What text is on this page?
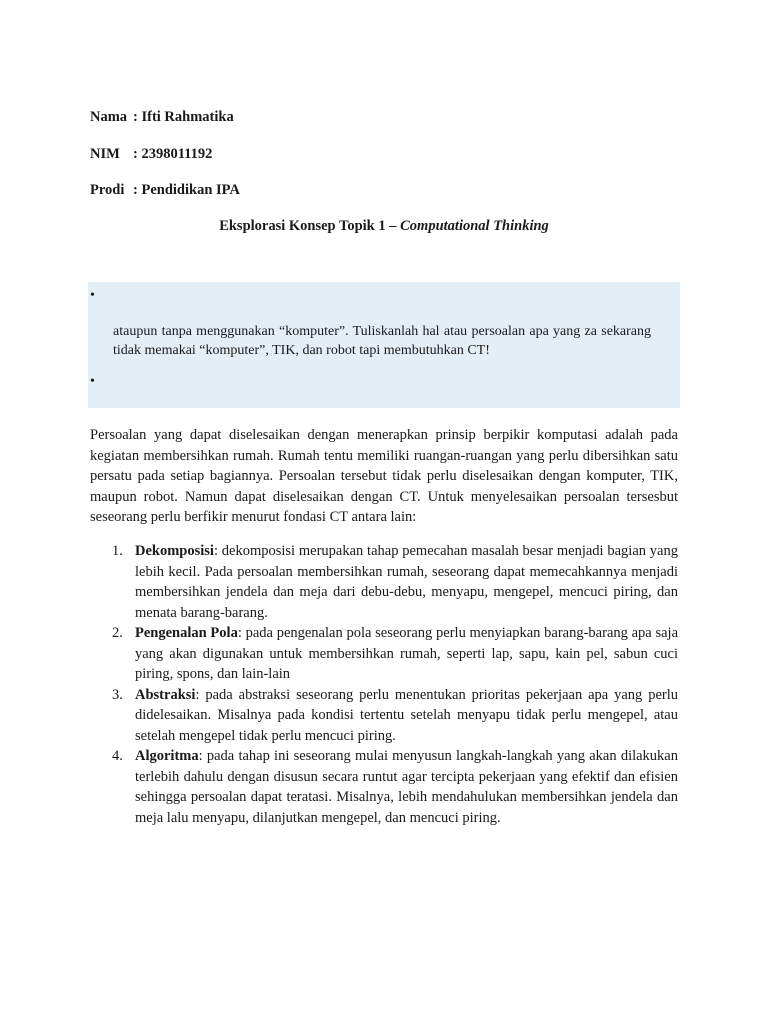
Nama : Ifti Rahmatika
NIM : 2398011192
Prodi : Pendidikan IPA
Eksplorasi Konsep Topik 1 – Computational Thinking
•
ataupun tanpa menggunakan “komputer”. Tuliskanlah hal atau persoalan apa yang za sekarang tidak memakai “komputer”, TIK, dan robot tapi membutuhkan CT!
•
Persoalan yang dapat diselesaikan dengan menerapkan prinsip berpikir komputasi adalah pada kegiatan membersihkan rumah. Rumah tentu memiliki ruangan-ruangan yang perlu dibersihkan satu persatu pada setiap bagiannya. Persoalan tersebut tidak perlu diselesaikan dengan komputer, TIK, maupun robot. Namun dapat diselesaikan dengan CT. Untuk menyelesaikan persoalan tersesbut seseorang perlu berfikir menurut fondasi CT antara lain:
1. Dekomposisi: dekomposisi merupakan tahap pemecahan masalah besar menjadi bagian yang lebih kecil. Pada persoalan membersihkan rumah, seseorang dapat memecahkannya menjadi membersihkan jendela dan meja dari debu-debu, menyapu, mengepel, mencuci piring, dan menata barang-barang.
2. Pengenalan Pola: pada pengenalan pola seseorang perlu menyiapkan barang-barang apa saja yang akan digunakan untuk membersihkan rumah, seperti lap, sapu, kain pel, sabun cuci piring, spons, dan lain-lain
3. Abstraksi: pada abstraksi seseorang perlu menentukan prioritas pekerjaan apa yang perlu didelesaikan. Misalnya pada kondisi tertentu setelah menyapu tidak perlu mengepel, atau setelah mengepel tidak perlu mencuci piring.
4. Algoritma: pada tahap ini seseorang mulai menyusun langkah-langkah yang akan dilakukan terlebih dahulu dengan disusun secara runtut agar tercipta pekerjaan yang efektif dan efisien sehingga persoalan dapat teratasi. Misalnya, lebih mendahulukan membersihkan jendela dan meja lalu menyapu, dilanjutkan mengepel, dan mencuci piring.
